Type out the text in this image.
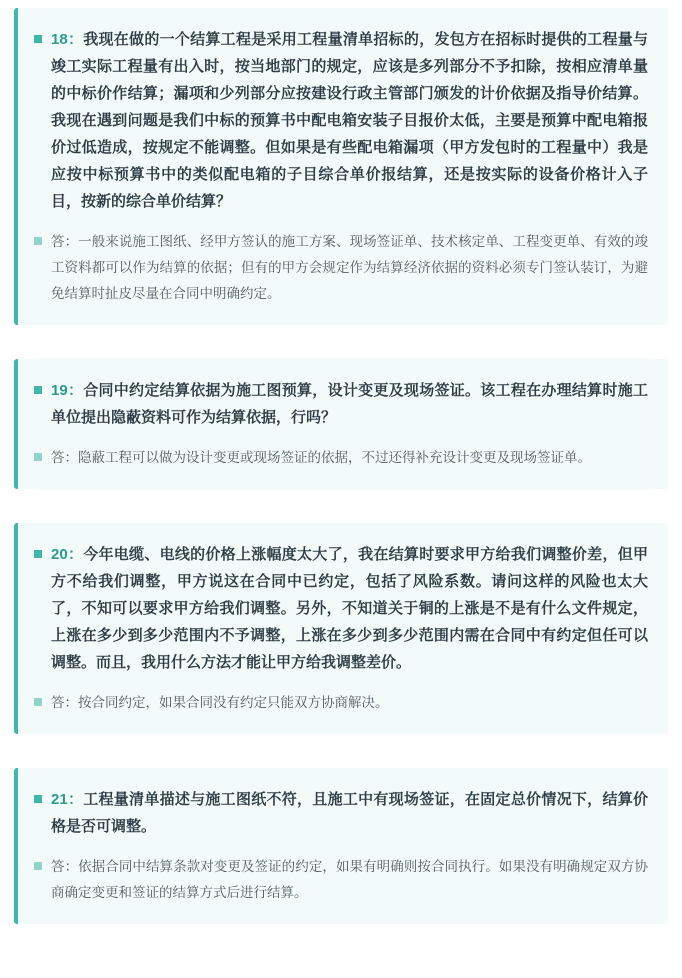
18：我现在做的一个结算工程是采用工程量清单招标的，发包方在招标时提供的工程量与竣工实际工程量有出入时，按当地部门的规定，应该是多列部分不予扣除，按相应清单量的中标价作结算；漏项和少列部分应按建设行政主管部门颁发的计价依据及指导价结算。我现在遇到问题是我们中标的预算书中配电箱安装子目报价太低，主要是预算中配电箱报价过低造成，按规定不能调整。但如果是有些配电箱漏项（甲方发包时的工程量中）我是应按中标预算书中的类似配电箱的子目综合单价报结算，还是按实际的设备价格计入子目，按新的综合单价结算？
答：一般来说施工图纸、经甲方签认的施工方案、现场签证单、技术核定单、工程变更单、有效的竣工资料都可以作为结算的依据；但有的甲方会规定作为结算经济依据的资料必须专门签认装订，为避免结算时扯皮尽量在合同中明确约定。
19：合同中约定结算依据为施工图预算，设计变更及现场签证。该工程在办理结算时施工单位提出隐蔽资料可作为结算依据，行吗？
答：隐蔽工程可以做为设计变更或现场签证的依据，不过还得补充设计变更及现场签证单。
20：今年电缆、电线的价格上涨幅度太大了，我在结算时要求甲方给我们调整价差，但甲方不给我们调整，甲方说这在合同中已约定，包括了风险系数。请问这样的风险也太大了，不知可以要求甲方给我们调整。另外，不知道关于铜的上涨是不是有什么文件规定，上涨在多少到多少范围内不予调整，上涨在多少到多少范围内需在合同中有约定但任可以调整。而且，我用什么方法才能让甲方给我调整差价。
答：按合同约定，如果合同没有约定只能双方协商解决。
21：工程量清单描述与施工图纸不符，且施工中有现场签证，在固定总价情况下，结算价格是否可调整。
答：依据合同中结算条款对变更及签证的约定，如果有明确则按合同执行。如果没有明确规定双方协商确定变更和签证的结算方式后进行结算。
